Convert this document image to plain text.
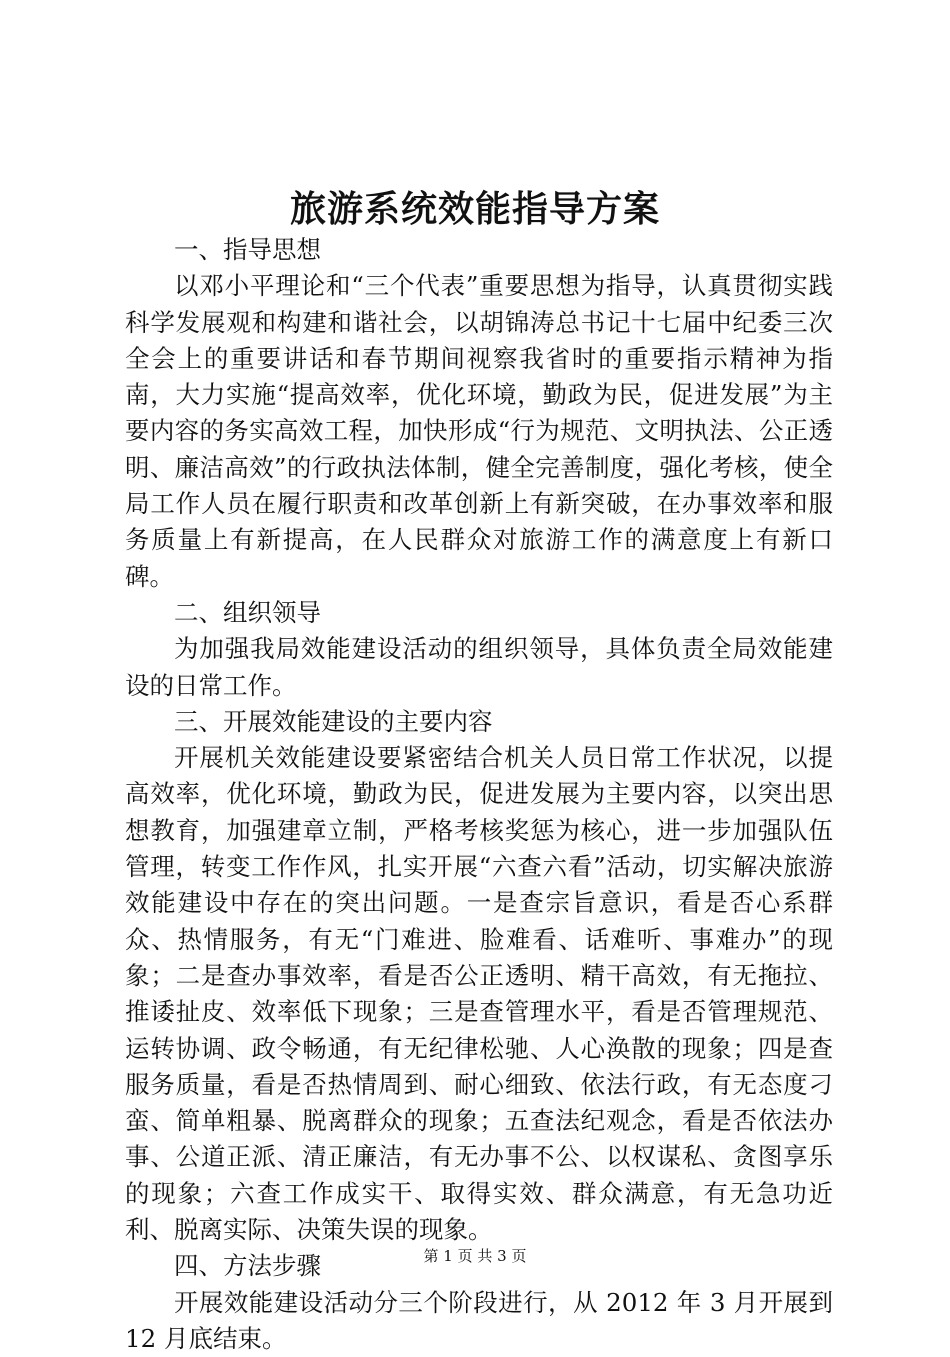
旅游系统效能指导方案

一、指导思想

以邓小平理论和“三个代表”重要思想为指导，认真贯彻实践科学发展观和构建和谐社会，以胡锦涛总书记十七届中纪委三次全会上的重要讲话和春节期间视察我省时的重要指示精神为指南，大力实施“提高效率，优化环境，勤政为民，促进发展”为主要内容的务实高效工程，加快形成“行为规范、文明执法、公正透明、廉洁高效”的行政执法体制，健全完善制度，强化考核，使全局工作人员在履行职责和改革创新上有新突破，在办事效率和服务质量上有新提高，在人民群众对旅游工作的满意度上有新口碑。

二、组织领导

为加强我局效能建设活动的组织领导，具体负责全局效能建设的日常工作。

三、开展效能建设的主要内容

开展机关效能建设要紧密结合机关人员日常工作状况，以提高效率，优化环境，勤政为民，促进发展为主要内容，以突出思想教育，加强建章立制，严格考核奖惩为核心，进一步加强队伍管理，转变工作作风，扎实开展“六查六看”活动，切实解决旅游效能建设中存在的突出问题。一是查宗旨意识，看是否心系群众、热情服务，有无“门难进、脸难看、话难听、事难办”的现象；二是查办事效率，看是否公正透明、精干高效，有无拖拉、推诿扯皮、效率低下现象；三是查管理水平，看是否管理规范、运转协调、政令畅通，有无纪律松驰、人心涣散的现象；四是查服务质量，看是否热情周到、耐心细致、依法行政，有无态度刁蛮、简单粗暴、脱离群众的现象；五查法纪观念，看是否依法办事、公道正派、清正廉洁，有无办事不公、以权谋私、贪图享乐的现象；六查工作成实干、取得实效、群众满意，有无急功近利、脱离实际、决策失误的现象。

四、方法步骤

开展效能建设活动分三个阶段进行，从 2012 年 3 月开展到 12 月底结束。

第 1 页 共 3 页
